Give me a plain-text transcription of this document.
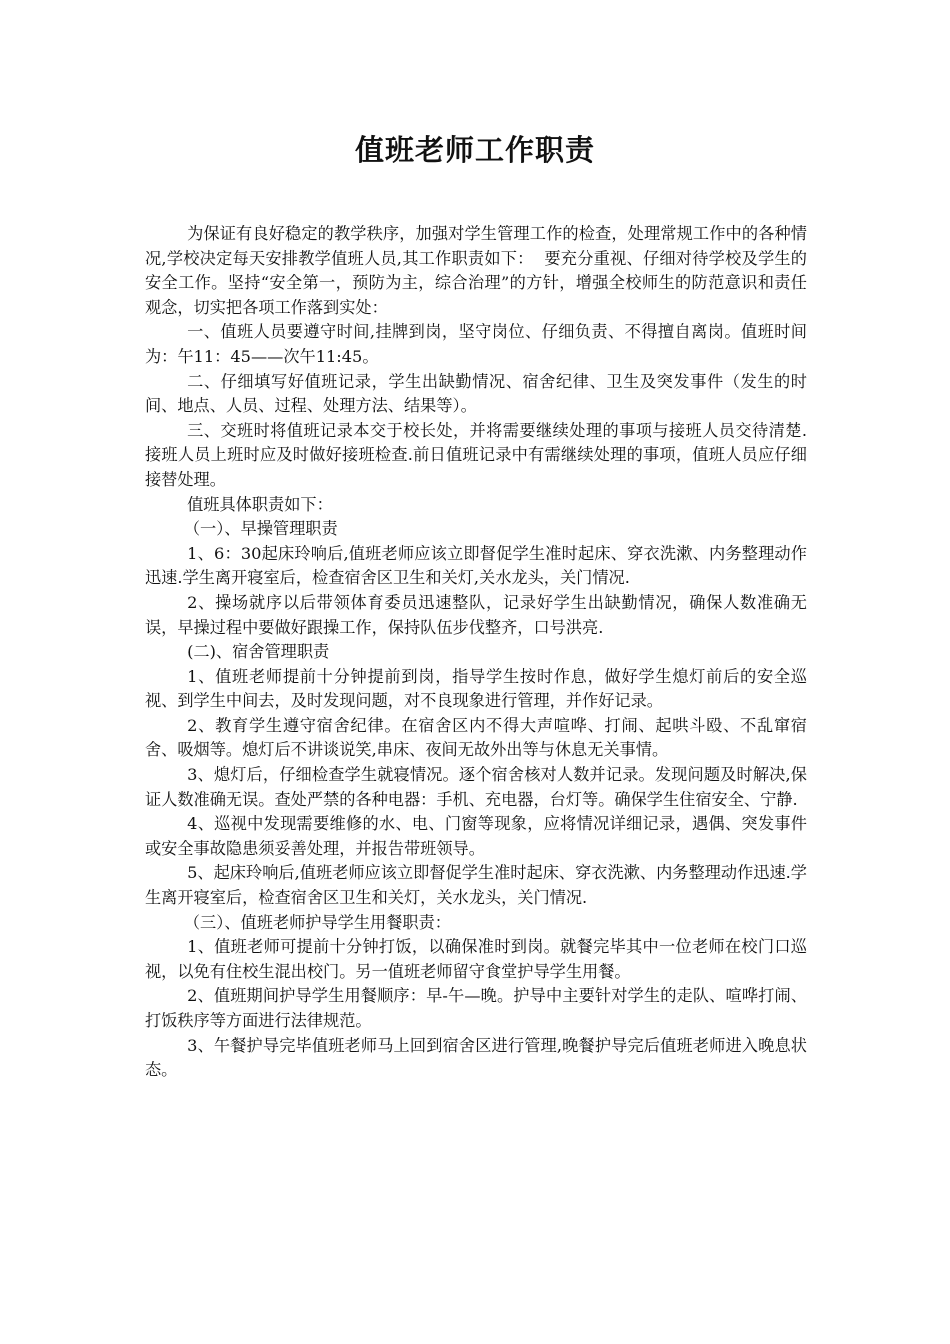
值班老师工作职责

为保证有良好稳定的教学秩序，加强对学生管理工作的检查，处理常规工作中的各种情况,学校决定每天安排教学值班人员,其工作职责如下：  要充分重视、仔细对待学校及学生的安全工作。坚持“安全第一，预防为主，综合治理”的方针，增强全校师生的防范意识和责任观念，切实把各项工作落到实处：

一、值班人员要遵守时间,挂牌到岗，坚守岗位、仔细负责、不得擅自离岗。值班时间为：午11：45——次午11:45。

二、仔细填写好值班记录，学生出缺勤情况、宿舍纪律、卫生及突发事件（发生的时间、地点、人员、过程、处理方法、结果等）。

三、交班时将值班记录本交于校长处，并将需要继续处理的事项与接班人员交待清楚.接班人员上班时应及时做好接班检查.前日值班记录中有需继续处理的事项，值班人员应仔细接替处理。

值班具体职责如下：

（一）、早操管理职责

1、6：30起床玲响后,值班老师应该立即督促学生准时起床、穿衣洗漱、内务整理动作迅速.学生离开寝室后，检查宿舍区卫生和关灯,关水龙头，关门情况.

2、操场就序以后带领体育委员迅速整队，记录好学生出缺勤情况，确保人数准确无误，早操过程中要做好跟操工作，保持队伍步伐整齐，口号洪亮.

(二)、宿舍管理职责

1、值班老师提前十分钟提前到岗，指导学生按时作息，做好学生熄灯前后的安全巡视、到学生中间去，及时发现问题，对不良现象进行管理，并作好记录。

2、教育学生遵守宿舍纪律。在宿舍区内不得大声喧哗、打闹、起哄斗殴、不乱窜宿舍、吸烟等。熄灯后不讲谈说笑,串床、夜间无故外出等与休息无关事情。

3、熄灯后，仔细检查学生就寝情况。逐个宿舍核对人数并记录。发现问题及时解决,保证人数准确无误。查处严禁的各种电器：手机、充电器，台灯等。确保学生住宿安全、宁静.

4、巡视中发现需要维修的水、电、门窗等现象，应将情况详细记录，遇偶、突发事件或安全事故隐患须妥善处理，并报告带班领导。

5、起床玲响后,值班老师应该立即督促学生准时起床、穿衣洗漱、内务整理动作迅速.学生离开寝室后，检查宿舍区卫生和关灯，关水龙头，关门情况.

（三）、值班老师护导学生用餐职责：

1、值班老师可提前十分钟打饭，以确保准时到岗。就餐完毕其中一位老师在校门口巡视，以免有住校生混出校门。另一值班老师留守食堂护导学生用餐。

2、值班期间护导学生用餐顺序：早-午—晚。护导中主要针对学生的走队、喧哗打闹、打饭秩序等方面进行法律规范。

3、午餐护导完毕值班老师马上回到宿舍区进行管理,晚餐护导完后值班老师进入晚息状态。
